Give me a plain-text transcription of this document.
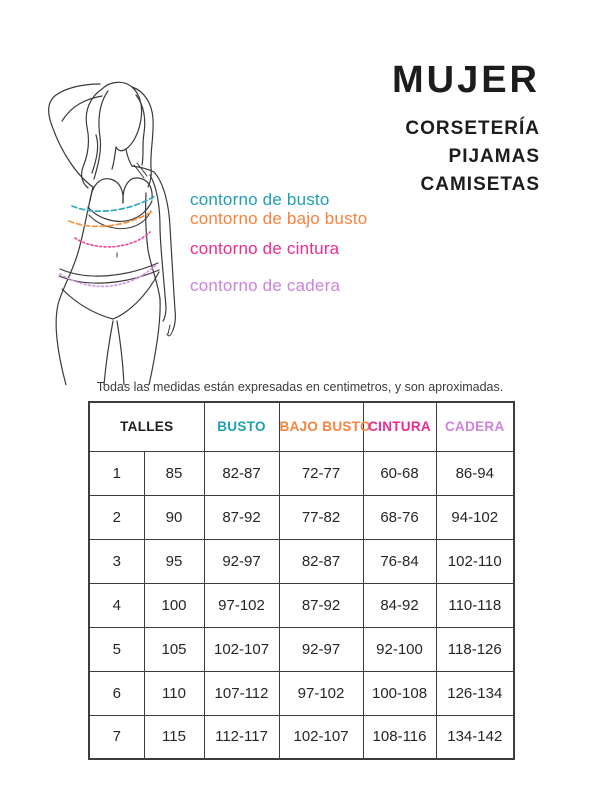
contorno de busto
contorno de bajo busto
contorno de cintura
contorno de cadera
MUJER
CORSETERÍA
PIJAMAS
CAMISETAS
Todas las medidas están expresadas en centimetros, y son aproximadas.
TALLES		BUSTO	BAJO BUSTO	CINTURA	CADERA
1	85	82-87	72-77	60-68	86-94
2	90	87-92	77-82	68-76	94-102
3	95	92-97	82-87	76-84	102-110
4	100	97-102	87-92	84-92	110-118
5	105	102-107	92-97	92-100	118-126
6	110	107-112	97-102	100-108	126-134
7	115	112-117	102-107	108-116	134-142
